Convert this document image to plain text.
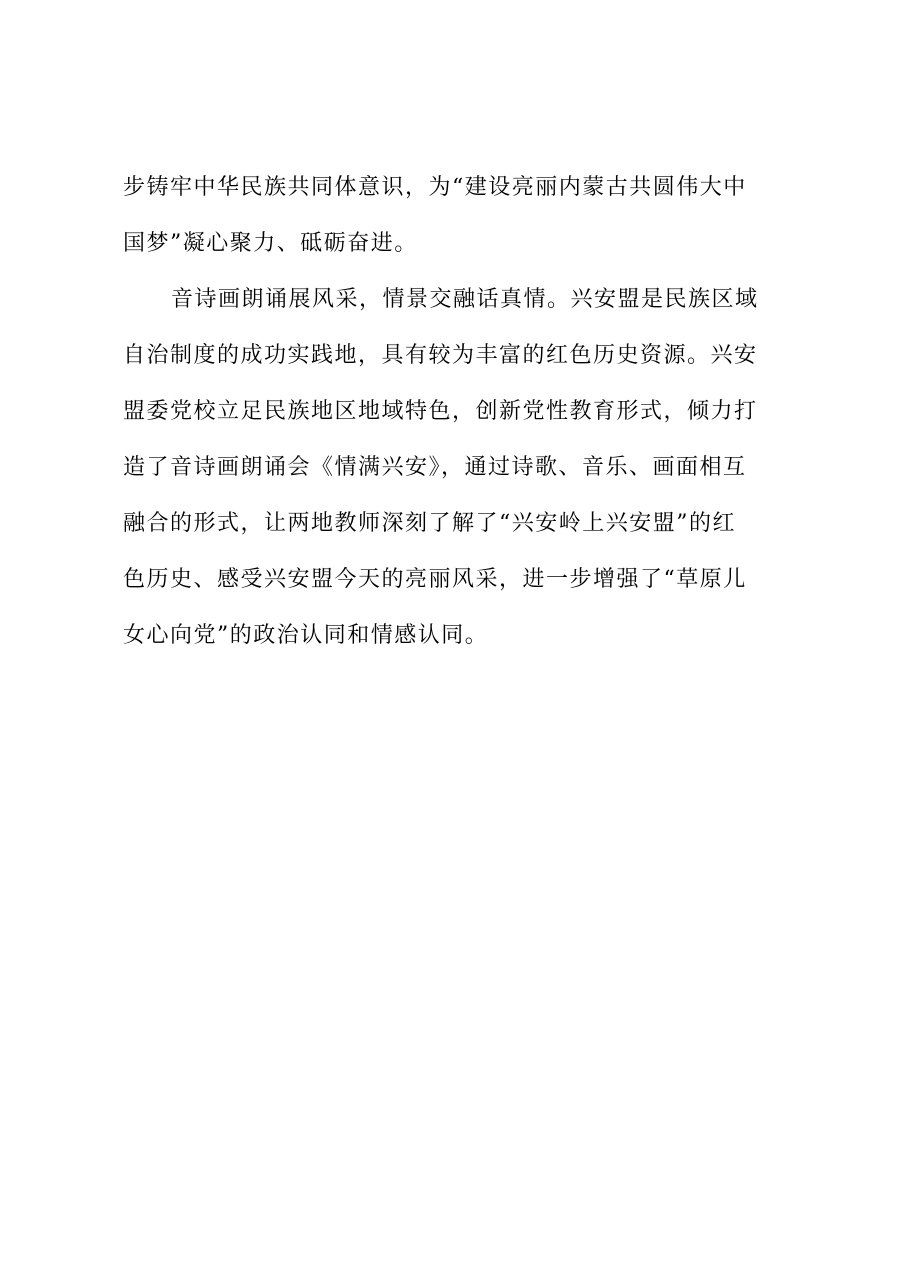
步铸牢中华民族共同体意识，为“建设亮丽内蒙古共圆伟大中
国梦”凝心聚力、砥砺奋进。
音诗画朗诵展风采，情景交融话真情。兴安盟是民族区域
自治制度的成功实践地，具有较为丰富的红色历史资源。兴安
盟委党校立足民族地区地域特色，创新党性教育形式，倾力打
造了音诗画朗诵会《情满兴安》，通过诗歌、音乐、画面相互
融合的形式，让两地教师深刻了解了“兴安岭上兴安盟”的红
色历史、感受兴安盟今天的亮丽风采，进一步增强了“草原儿
女心向党”的政治认同和情感认同。
